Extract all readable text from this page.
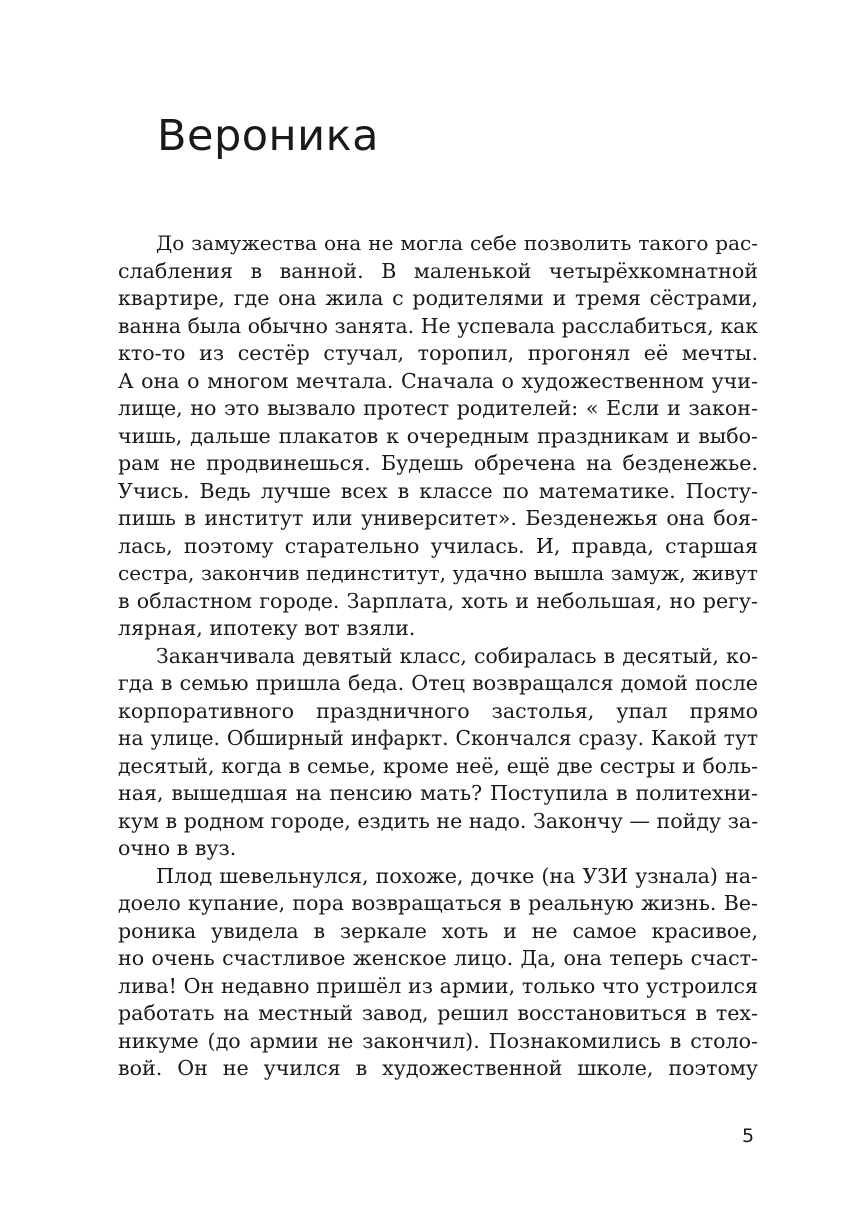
Вероника
До замужества она не могла себе позволить такого рас-
слабления в ванной. В маленькой четырёхкомнатной
квартире, где она жила с родителями и тремя сёстрами,
ванна была обычно занята. Не успевала расслабиться, как
кто-то из сестёр стучал, торопил, прогонял её мечты.
А она о многом мечтала. Сначала о художественном учи-
лище, но это вызвало протест родителей: « Если и закон-
чишь, дальше плакатов к очередным праздникам и выбо-
рам не продвинешься. Будешь обречена на безденежье.
Учись. Ведь лучше всех в классе по математике. Посту-
пишь в институт или университет». Безденежья она боя-
лась, поэтому старательно училась. И, правда, старшая
сестра, закончив пединститут, удачно вышла замуж, живут
в областном городе. Зарплата, хоть и небольшая, но регу-
лярная, ипотеку вот взяли.
Заканчивала девятый класс, собиралась в десятый, ко-
гда в семью пришла беда. Отец возвращался домой после
корпоративного праздничного застолья, упал прямо
на улице. Обширный инфаркт. Скончался сразу. Какой тут
десятый, когда в семье, кроме неё, ещё две сестры и боль-
ная, вышедшая на пенсию мать? Поступила в политехни-
кум в родном городе, ездить не надо. Закончу — пойду за-
очно в вуз.
Плод шевельнулся, похоже, дочке (на УЗИ узнала) на-
доело купание, пора возвращаться в реальную жизнь. Ве-
роника увидела в зеркале хоть и не самое красивое,
но очень счастливое женское лицо. Да, она теперь счаст-
лива! Он недавно пришёл из армии, только что устроился
работать на местный завод, решил восстановиться в тех-
никуме (до армии не закончил). Познакомились в столо-
вой. Он не учился в художественной школе, поэтому
5
